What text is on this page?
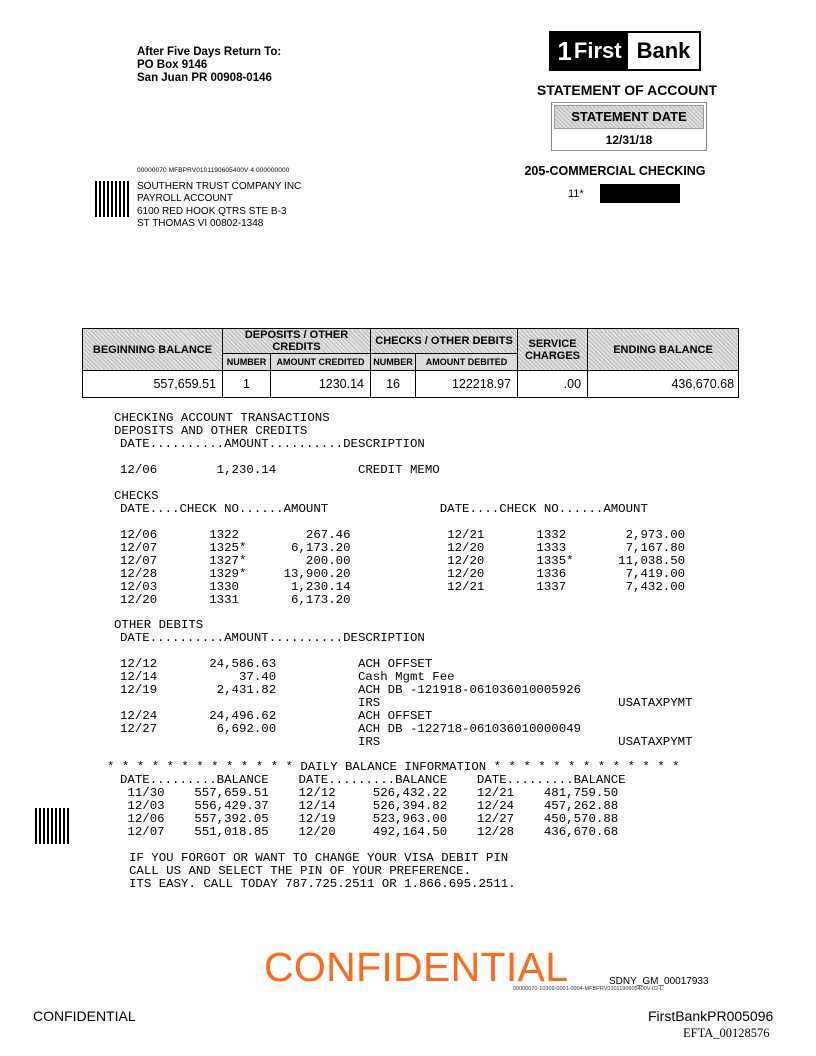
After Five Days Return To:
PO Box 9146
San Juan PR 00908-0146
1 First Bank
STATEMENT OF ACCOUNT
STATEMENT DATE
12/31/18
205-COMMERCIAL CHECKING
11*
00000070 MFBPRV0101190605400V 4 000000000
SOUTHERN TRUST COMPANY INC
PAYROLL ACCOUNT
6100 RED HOOK QTRS STE B-3
ST THOMAS VI 00802-1348
BEGINNING BALANCE	DEPOSITS / OTHER CREDITS		CHECKS / OTHER DEBITS		SERVICE CHARGES	ENDING BALANCE
	NUMBER	AMOUNT CREDITED	NUMBER	AMOUNT DEBITED		
557,659.51	1	1230.14	16	122218.97	.00	436,670.68
CHECKING ACCOUNT TRANSACTIONS
DEPOSITS AND OTHER CREDITS
DATE..........AMOUNT..........DESCRIPTION
12/06        1,230.14           CREDIT MEMO
CHECKS
DATE....CHECK NO......AMOUNT               DATE....CHECK NO......AMOUNT
12/06       1322         267.46             12/21       1332        2,973.00
12/07       1325*      6,173.20             12/20       1333        7,167.80
12/07       1327*        200.00             12/20       1335*      11,038.50
12/28       1329*     13,900.20             12/20       1336        7,419.00
12/03       1330       1,230.14             12/21       1337        7,432.00
12/20       1331       6,173.20
OTHER DEBITS
DATE..........AMOUNT..........DESCRIPTION
12/12       24,586.63           ACH OFFSET
12/14           37.40           Cash Mgmt Fee
12/19        2,431.82           ACH DB -121918-061036010005926
IRS                                USATAXPYMT
12/24       24,496.62           ACH OFFSET
12/27        6,692.00           ACH DB -122718-061036010000049
IRS                                USATAXPYMT
* * * * * * * * * * * * * DAILY BALANCE INFORMATION * * * * * * * * * * * * *
DATE.........BALANCE    DATE.........BALANCE    DATE.........BALANCE
11/30    557,659.51    12/12     526,432.22    12/21    481,759.50
12/03    556,429.37    12/14     526,394.82    12/24    457,262.88
12/06    557,392.05    12/19     523,963.00    12/27    450,570.88
12/07    551,018.85    12/20     492,164.50    12/28    436,670.68
IF YOU FORGOT OR WANT TO CHANGE YOUR VISA DEBIT PIN
CALL US AND SELECT THE PIN OF YOUR PREFERENCE.
ITS EASY. CALL TODAY 787.725.2511 OR 1.866.695.2511.
CONFIDENTIAL	SDNY_GM_00017933
00000070-10309-0001-0004-MFBPRV0101190605400V-02-L
CONFIDENTIAL	FirstBankPR005096
EFTA_00128576
